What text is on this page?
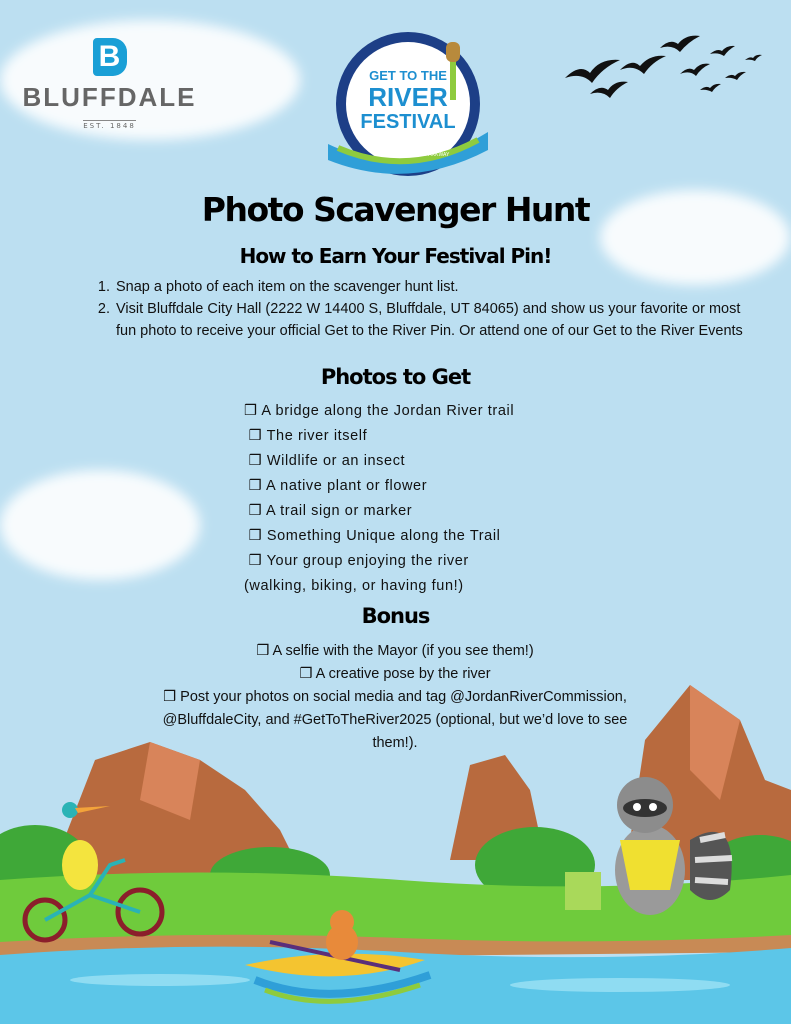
B
BLUFFDALE
EST. 1848
GET TO THE
RIVER
FESTIVAL
JORDAN RIVER PARKWAY
Photo Scavenger Hunt
How to Earn Your Festival Pin!
1. Snap a photo of each item on the scavenger hunt list.
2. Visit Bluffdale City Hall (2222 W 14400 S, Bluffdale, UT 84065) and show us your favorite or most fun photo to receive your official Get to the River Pin. Or attend one of our Get to the River Events
Photos to Get
❒ A bridge along the Jordan River trail
❒ The river itself
❒ Wildlife or an insect
❒ A native plant or flower
❒ A trail sign or marker
❒ Something Unique along the Trail
❒ Your group enjoying the river
(walking, biking, or having fun!)
Bonus
❒ A selfie with the Mayor (if you see them!)
❒ A creative pose by the river
❒ Post your photos on social media and tag @JordanRiverCommission, @BluffdaleCity, and #GetToTheRiver2025 (optional, but we’d love to see them!).
